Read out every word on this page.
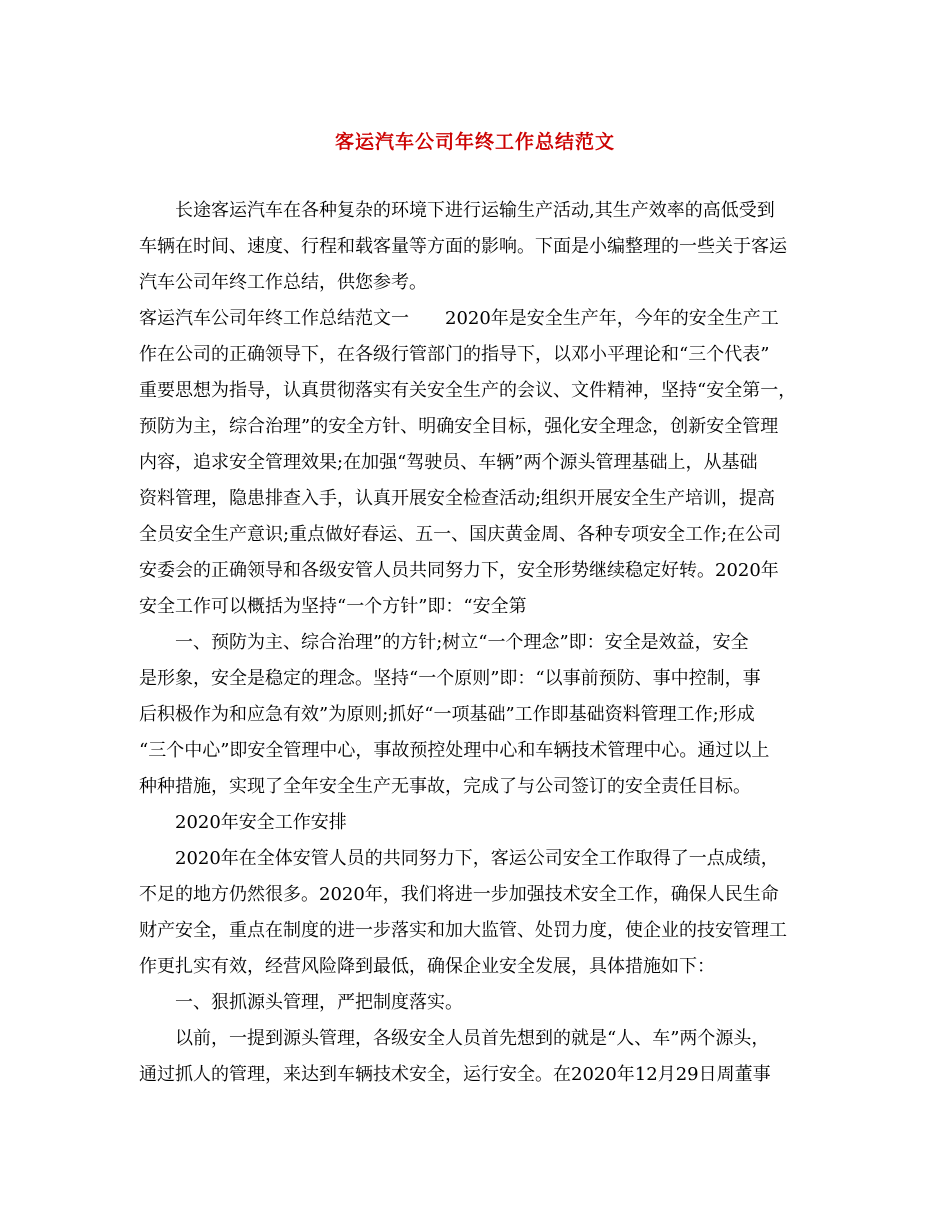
客运汽车公司年终工作总结范文
长途客运汽车在各种复杂的环境下进行运输生产活动,其生产效率的高低受到
车辆在时间、速度、行程和载客量等方面的影响。下面是小编整理的一些关于客运
汽车公司年终工作总结，供您参考。
客运汽车公司年终工作总结范文一　　2020年是安全生产年，今年的安全生产工
作在公司的正确领导下，在各级行管部门的指导下，以邓小平理论和“三个代表”
重要思想为指导，认真贯彻落实有关安全生产的会议、文件精神，坚持“安全第一，
预防为主，综合治理”的安全方针、明确安全目标，强化安全理念，创新安全管理
内容，追求安全管理效果;在加强“驾驶员、车辆”两个源头管理基础上，从基础
资料管理，隐患排查入手，认真开展安全检查活动;组织开展安全生产培训，提高
全员安全生产意识;重点做好春运、五一、国庆黄金周、各种专项安全工作;在公司
安委会的正确领导和各级安管人员共同努力下，安全形势继续稳定好转。2020年
安全工作可以概括为坚持“一个方针”即：“安全第
一、预防为主、综合治理”的方针;树立“一个理念”即：安全是效益，安全
是形象，安全是稳定的理念。坚持“一个原则”即：“以事前预防、事中控制，事
后积极作为和应急有效”为原则;抓好“一项基础”工作即基础资料管理工作;形成
“三个中心”即安全管理中心，事故预控处理中心和车辆技术管理中心。通过以上
种种措施，实现了全年安全生产无事故，完成了与公司签订的安全责任目标。
2020年安全工作安排
2020年在全体安管人员的共同努力下，客运公司安全工作取得了一点成绩，
不足的地方仍然很多。2020年，我们将进一步加强技术安全工作，确保人民生命
财产安全，重点在制度的进一步落实和加大监管、处罚力度，使企业的技安管理工
作更扎实有效，经营风险降到最低，确保企业安全发展，具体措施如下：
一、狠抓源头管理，严把制度落实。
以前，一提到源头管理，各级安全人员首先想到的就是“人、车”两个源头，
通过抓人的管理，来达到车辆技术安全，运行安全。在2020年12月29日周董事
